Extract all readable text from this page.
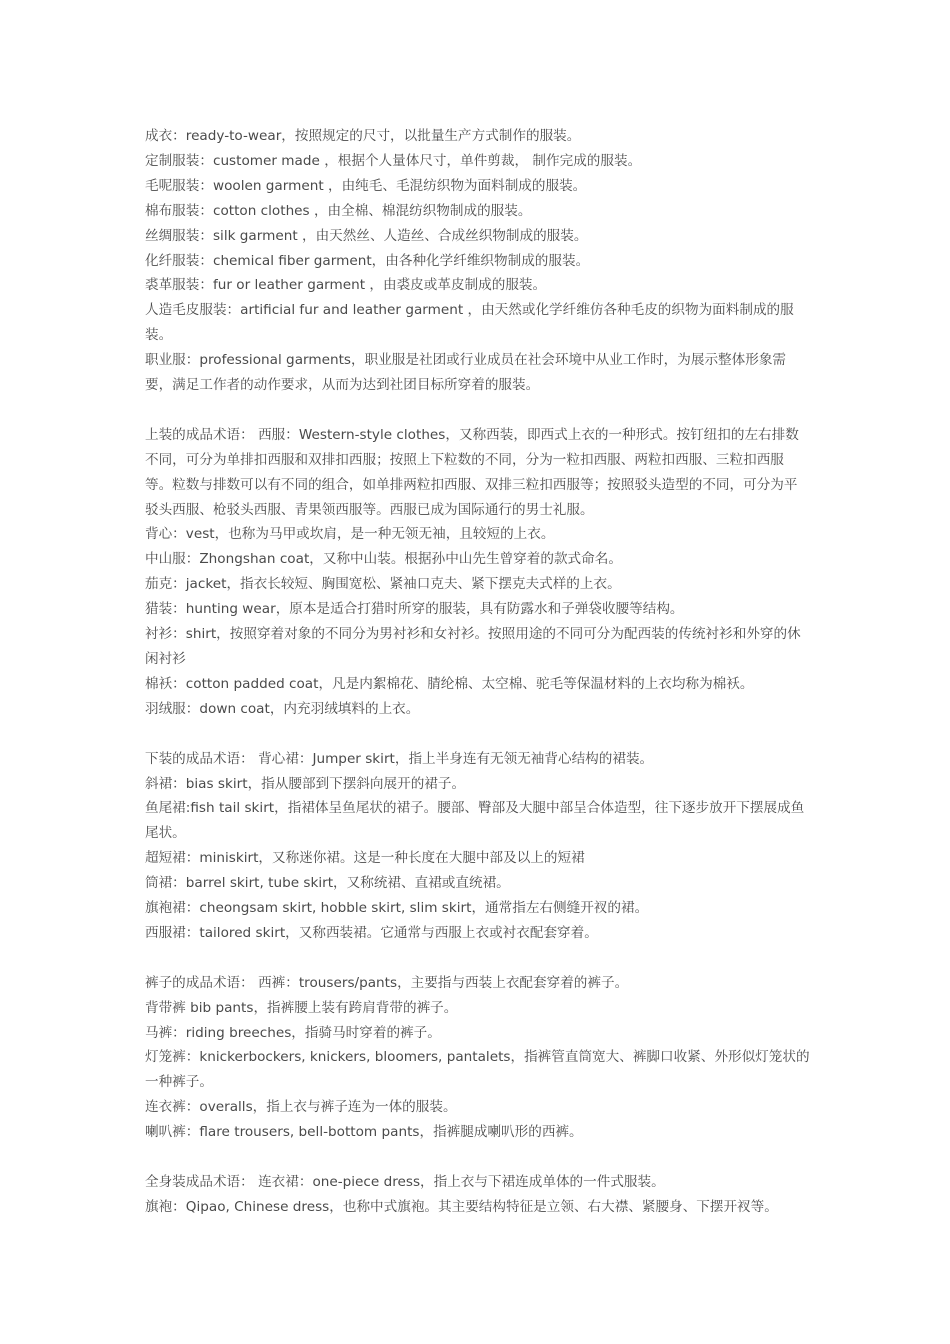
成衣：ready-to-wear，按照规定的尺寸，以批量生产方式制作的服装。

定制服装：customer made ，根据个人量体尺寸，单件剪裁， 制作完成的服装。

毛呢服装：woolen garment ，由纯毛、毛混纺织物为面料制成的服装。

棉布服装：cotton clothes ，由全棉、棉混纺织物制成的服装。

丝绸服装：silk garment ，由天然丝、人造丝、合成丝织物制成的服装。

化纤服装：chemical fiber garment，由各种化学纤维织物制成的服装。

裘革服装：fur or leather garment ，由裘皮或革皮制成的服装。

人造毛皮服装：artificial fur and leather garment ，由天然或化学纤维仿各种毛皮的织物为面料制成的服装。

职业服：professional garments，职业服是社团或行业成员在社会环境中从业工作时，为展示整体形象需要，满足工作者的动作要求，从而为达到社团目标所穿着的服装。

上装的成品术语： 西服：Western-style clothes，又称西装，即西式上衣的一种形式。按钉纽扣的左右排数不同，可分为单排扣西服和双排扣西服；按照上下粒数的不同，分为一粒扣西服、两粒扣西服、三粒扣西服等。粒数与排数可以有不同的组合，如单排两粒扣西服、双排三粒扣西服等；按照驳头造型的不同，可分为平驳头西服、枪驳头西服、青果领西服等。西服已成为国际通行的男士礼服。

背心：vest，也称为马甲或坎肩，是一种无领无袖，且较短的上衣。

中山服：Zhongshan coat，又称中山装。根据孙中山先生曾穿着的款式命名。

茄克：jacket，指衣长较短、胸围宽松、紧袖口克夫、紧下摆克夫式样的上衣。

猎装：hunting wear，原本是适合打猎时所穿的服装，具有防露水和子弹袋收腰等结构。

衬衫：shirt，按照穿着对象的不同分为男衬衫和女衬衫。按照用途的不同可分为配西装的传统衬衫和外穿的休闲衬衫

棉袄：cotton padded coat，凡是内絮棉花、腈纶棉、太空棉、驼毛等保温材料的上衣均称为棉袄。

羽绒服：down coat，内充羽绒填料的上衣。

下装的成品术语： 背心裙：Jumper skirt，指上半身连有无领无袖背心结构的裙装。

斜裙：bias skirt，指从腰部到下摆斜向展开的裙子。

鱼尾裙:fish tail skirt，指裙体呈鱼尾状的裙子。腰部、臀部及大腿中部呈合体造型，往下逐步放开下摆展成鱼尾状。

超短裙：miniskirt，又称迷你裙。这是一种长度在大腿中部及以上的短裙

筒裙：barrel skirt, tube skirt，又称统裙、直裙或直统裙。

旗袍裙：cheongsam skirt, hobble skirt, slim skirt，通常指左右侧缝开衩的裙。

西服裙：tailored skirt，又称西装裙。它通常与西服上衣或衬衣配套穿着。

裤子的成品术语： 西裤：trousers/pants，主要指与西装上衣配套穿着的裤子。

背带裤 bib pants，指裤腰上装有跨肩背带的裤子。

马裤：riding breeches，指骑马时穿着的裤子。

灯笼裤：knickerbockers, knickers, bloomers, pantalets，指裤管直筒宽大、裤脚口收紧、外形似灯笼状的一种裤子。

连衣裤：overalls，指上衣与裤子连为一体的服装。

喇叭裤：flare trousers, bell-bottom pants，指裤腿成喇叭形的西裤。

全身装成品术语： 连衣裙：one-piece dress，指上衣与下裙连成单体的一件式服装。

旗袍：Qipao, Chinese dress，也称中式旗袍。其主要结构特征是立领、右大襟、紧腰身、下摆开衩等。
